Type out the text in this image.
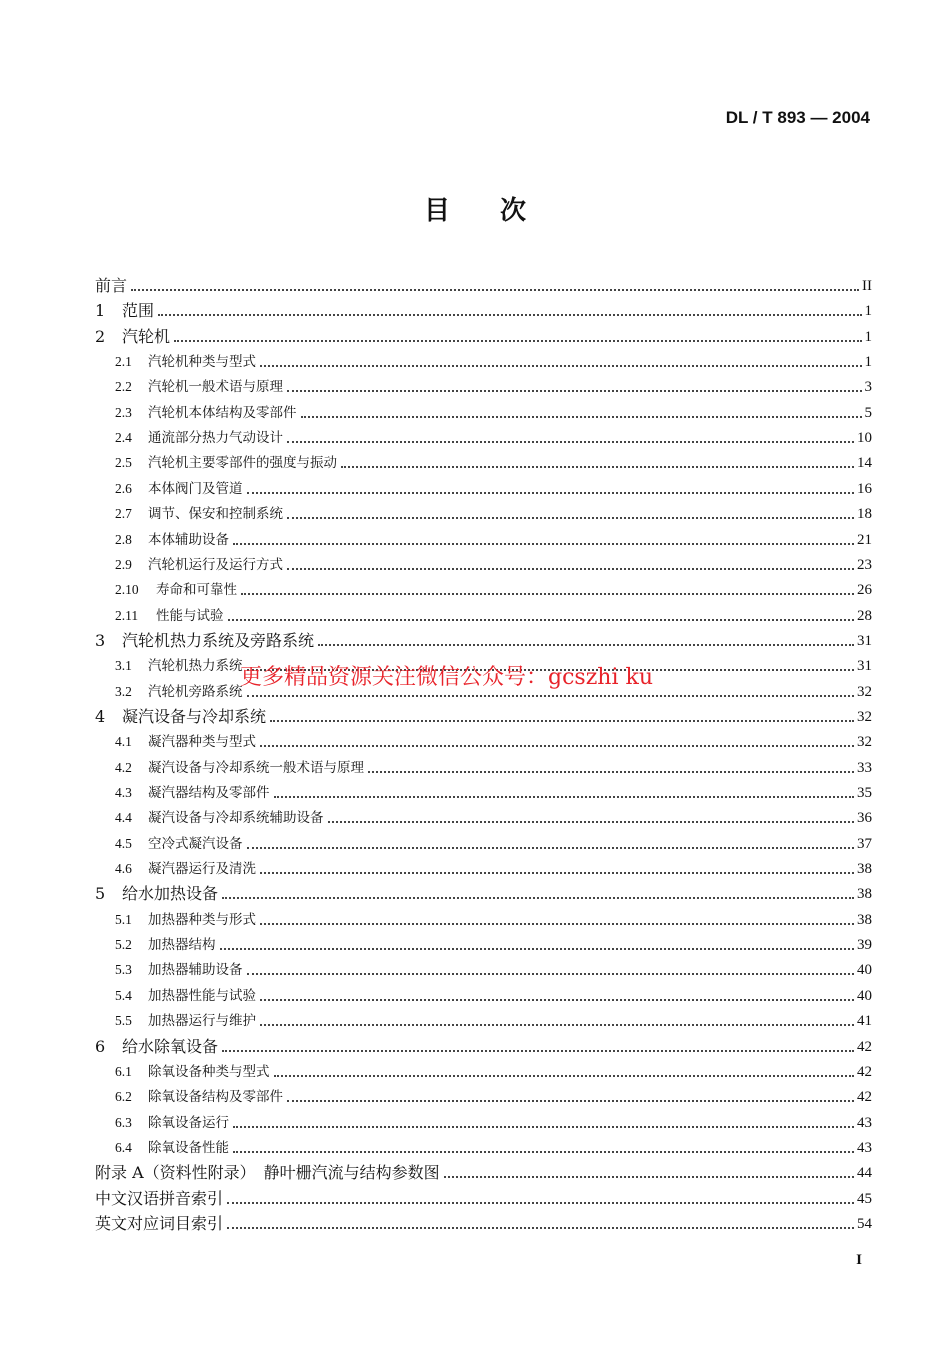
DL / T 893 — 2004
目次
前言	II
1	范围	1
2	汽轮机	1
2.1	汽轮机种类与型式	1
2.2	汽轮机一般术语与原理	3
2.3	汽轮机本体结构及零部件	5
2.4	通流部分热力气动设计	10
2.5	汽轮机主要零部件的强度与振动	14
2.6	本体阀门及管道	16
2.7	调节、保安和控制系统	18
2.8	本体辅助设备	21
2.9	汽轮机运行及运行方式	23
2.10	寿命和可靠性	26
2.11	性能与试验	28
3	汽轮机热力系统及旁路系统	31
3.1	汽轮机热力系统	31
3.2	汽轮机旁路系统	32
4	凝汽设备与冷却系统	32
4.1	凝汽器种类与型式	32
4.2	凝汽设备与冷却系统一般术语与原理	33
4.3	凝汽器结构及零部件	35
4.4	凝汽设备与冷却系统辅助设备	36
4.5	空冷式凝汽设备	37
4.6	凝汽器运行及清洗	38
5	给水加热设备	38
5.1	加热器种类与形式	38
5.2	加热器结构	39
5.3	加热器辅助设备	40
5.4	加热器性能与试验	40
5.5	加热器运行与维护	41
6	给水除氧设备	42
6.1	除氧设备种类与型式	42
6.2	除氧设备结构及零部件	42
6.3	除氧设备运行	43
6.4	除氧设备性能	43
附录 A（资料性附录）　静叶栅汽流与结构参数图	44
中文汉语拼音索引	45
英文对应词目索引	54
更多精品资源关注微信公众号：gcszhi ku
I
